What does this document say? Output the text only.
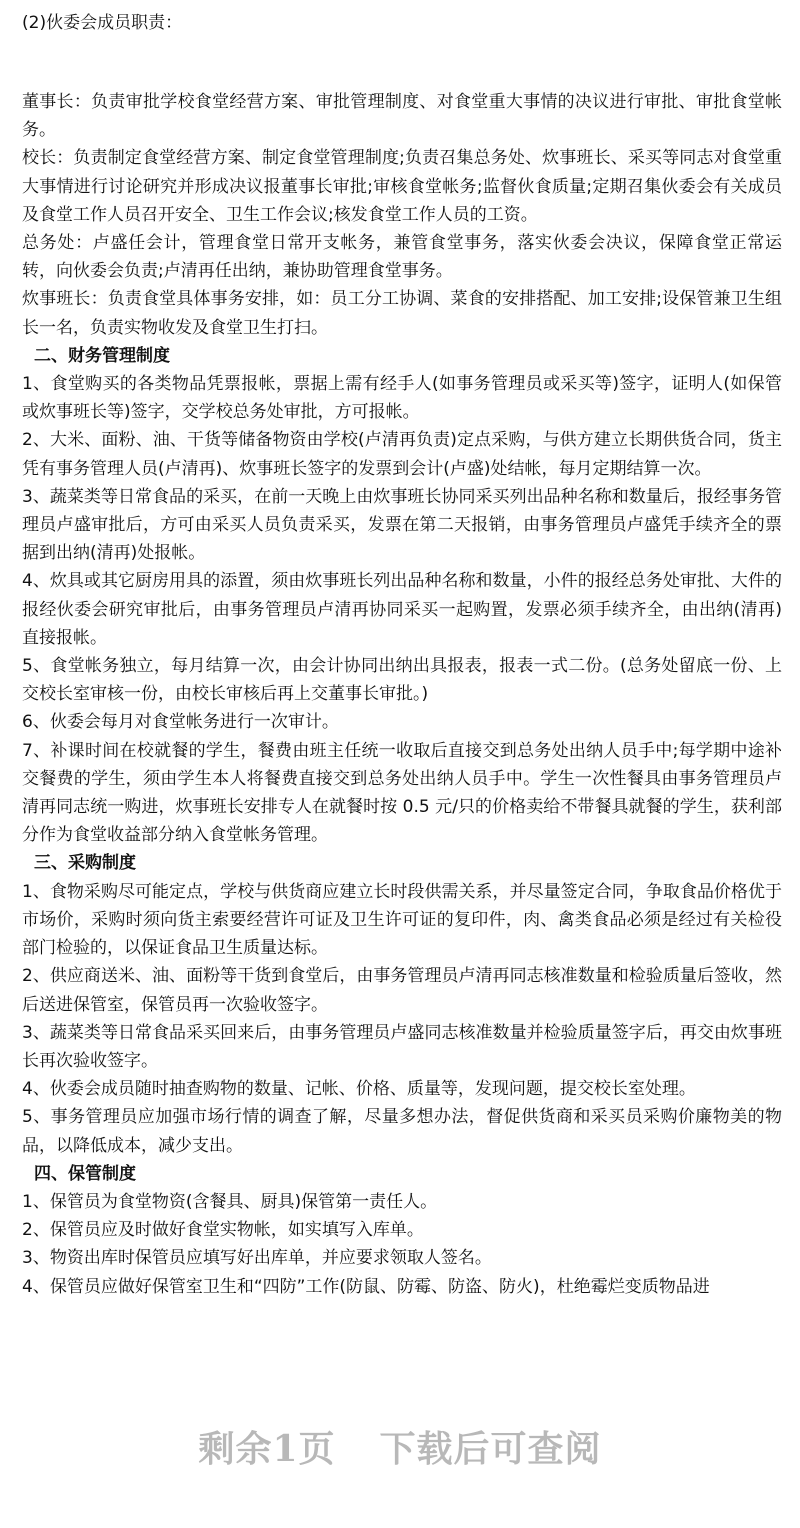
(2)伙委会成员职责：

董事长：负责审批学校食堂经营方案、审批管理制度、对食堂重大事情的决议进行审批、审批食堂帐务。

校长：负责制定食堂经营方案、制定食堂管理制度;负责召集总务处、炊事班长、采买等同志对食堂重大事情进行讨论研究并形成决议报董事长审批;审核食堂帐务;监督伙食质量;定期召集伙委会有关成员及食堂工作人员召开安全、卫生工作会议;核发食堂工作人员的工资。

总务处：卢盛任会计，管理食堂日常开支帐务，兼管食堂事务，落实伙委会决议，保障食堂正常运转，向伙委会负责;卢清再任出纳，兼协助管理食堂事务。

炊事班长：负责食堂具体事务安排，如：员工分工协调、菜食的安排搭配、加工安排;设保管兼卫生组长一名，负责实物收发及食堂卫生打扫。

二、财务管理制度

1、食堂购买的各类物品凭票报帐，票据上需有经手人(如事务管理员或采买等)签字，证明人(如保管或炊事班长等)签字，交学校总务处审批，方可报帐。

2、大米、面粉、油、干货等储备物资由学校(卢清再负责)定点采购，与供方建立长期供货合同，货主凭有事务管理人员(卢清再)、炊事班长签字的发票到会计(卢盛)处结帐，每月定期结算一次。

3、蔬菜类等日常食品的采买，在前一天晚上由炊事班长协同采买列出品种名称和数量后，报经事务管理员卢盛审批后，方可由采买人员负责采买，发票在第二天报销，由事务管理员卢盛凭手续齐全的票据到出纳(清再)处报帐。

4、炊具或其它厨房用具的添置，须由炊事班长列出品种名称和数量，小件的报经总务处审批、大件的报经伙委会研究审批后，由事务管理员卢清再协同采买一起购置，发票必须手续齐全，由出纳(清再)直接报帐。

5、食堂帐务独立，每月结算一次，由会计协同出纳出具报表，报表一式二份。(总务处留底一份、上交校长室审核一份，由校长审核后再上交董事长审批。)

6、伙委会每月对食堂帐务进行一次审计。

7、补课时间在校就餐的学生，餐费由班主任统一收取后直接交到总务处出纳人员手中;每学期中途补交餐费的学生，须由学生本人将餐费直接交到总务处出纳人员手中。学生一次性餐具由事务管理员卢清再同志统一购进，炊事班长安排专人在就餐时按 0.5 元/只的价格卖给不带餐具就餐的学生，获利部分作为食堂收益部分纳入食堂帐务管理。

三、采购制度

1、食物采购尽可能定点，学校与供货商应建立长时段供需关系，并尽量签定合同，争取食品价格优于市场价，采购时须向货主索要经营许可证及卫生许可证的复印件，肉、禽类食品必须是经过有关检役部门检验的，以保证食品卫生质量达标。

2、供应商送米、油、面粉等干货到食堂后，由事务管理员卢清再同志核准数量和检验质量后签收，然后送进保管室，保管员再一次验收签字。

3、蔬菜类等日常食品采买回来后，由事务管理员卢盛同志核准数量并检验质量签字后，再交由炊事班长再次验收签字。

4、伙委会成员随时抽查购物的数量、记帐、价格、质量等，发现问题，提交校长室处理。

5、事务管理员应加强市场行情的调查了解，尽量多想办法，督促供货商和采买员采购价廉物美的物品，以降低成本，减少支出。

四、保管制度

1、保管员为食堂物资(含餐具、厨具)保管第一责任人。

2、保管员应及时做好食堂实物帐，如实填写入库单。

3、物资出库时保管员应填写好出库单，并应要求领取人签名。

4、保管员应做好保管室卫生和“四防”工作(防鼠、防霉、防盗、防火)，杜绝霉烂变质物品进

剩余1页 下载后可查阅
